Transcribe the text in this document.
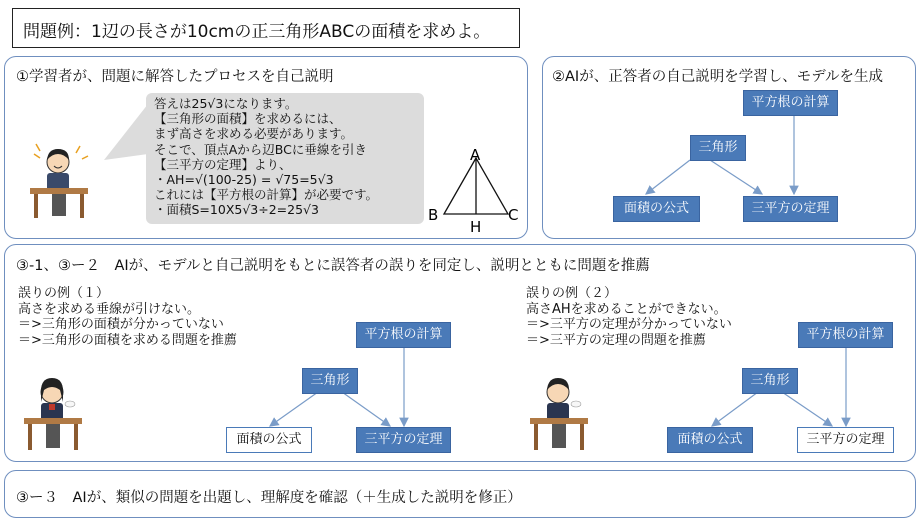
問題例：1辺の長さが10cmの正三角形ABCの面積を求めよ。
①学習者が、問題に解答したプロセスを自己説明
答えは25√3になります。
【三角形の面積】を求めるには、
まず高さを求める必要があります。
そこで、頂点Aから辺BCに垂線を引き
【三平方の定理】より、
・AH=√(100-25) = √75=5√3
これには【平方根の計算】が必要です。
・面積S=10X5√3÷2=25√3
A
B	C
H
②AIが、正答者の自己説明を学習し、モデルを生成
平方根の計算
三角形
面積の公式	三平方の定理
③-1、③ー２　AIが、モデルと自己説明をもとに誤答者の誤りを同定し、説明とともに問題を推薦
誤りの例（１）
高さを求める垂線が引けない。
＝>三角形の面積が分かっていない
＝>三角形の面積を求める問題を推薦	平方根の計算
三角形
面積の公式	三平方の定理
誤りの例（２）
高さAHを求めることができない。
＝>三平方の定理が分かっていない
＝>三平方の定理の問題を推薦	平方根の計算
三角形
面積の公式	三平方の定理
③ー３　AIが、類似の問題を出題し、理解度を確認（＋生成した説明を修正）
